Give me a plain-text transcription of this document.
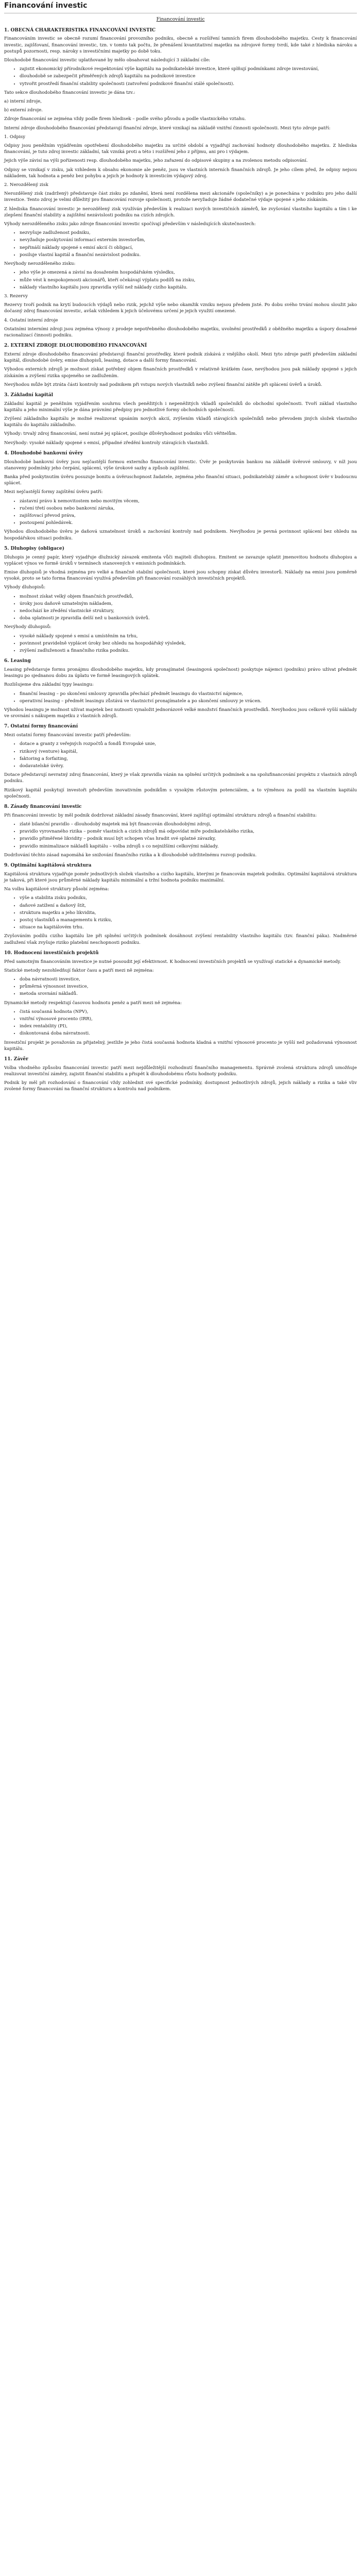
Financování investic
Financování investic
1. OBECNÁ CHARAKTERISTIKA FINANCOVÁNÍ INVESTIC

Financováním investic se obecně rozumí financování provozního podniku, obecně a rozšíření tamních firem dlouhodobého majetku. Cesty k financování investic, zajišťovaní, financování investic, tzn. v tomto tak počtu, že přenášení kvantitativní majetku na zdrojové formy tvrdí, kde také z hlediska nároku a postupů pozornosti, resp. nároky s investičními majetky po době toku.

Dlouhodobé financování investic uplatňované by mělo obsahovat následující 3 základní cíle:

• zajistit ekonomický přírodníkové respektování výše kapitálu na podnikatelské investice, které splňují podmínkami zdroje investování,
• dlouhodobě se zabezpečit přiměřených zdrojů kapitálu na podnikové investice
• vytvořit prostředí finanční stability společnosti (zatvoření podnikové finanční stálé společnosti).

Tato sekce dlouhodobého financování investic je dána tzv.:

a) interní zdroje,

b) externí zdroje.

Zdroje financování se zejména vždy podle firem hledisek – podle svého původu a podle vlastnického vztahu.

Interní zdroje dlouhodobého financování představují finanční zdroje, které vznikají na základě vnitřní činnosti společnosti. Mezi tyto zdroje patří:

1. Odpisy

Odpisy jsou peněžním vyjádřením opotřebení dlouhodobého majetku za určité období a vyjadřují zachování hodnoty dlouhodobého majetku. Z hlediska financování, je tuto zdroj investic základní, tak vzniká proti a této i rozšíření jeho z příjmu, ani pro i výdajem.

Jejich výše závisí na výši pořízenosti resp. dlouhodobého majetku, jeho zařazení do odpisové skupiny a na zvolenou metodu odpisování.

Odpisy se vznikají v zisku, jak vzhledem k obsahu ekonomie ale peněz, jsou ve vlastních interních finančních zdrojů. Je jeho cílem před, že odpisy nejsou nákladem, tak hodnota a peněz bez pohybu a jejich je hodnoty k investicím výdajový zdroj.

2. Nerozdělený zisk

Nerozdělený zisk (zadržený) představuje část zisku po zdanění, která není rozdělena mezi akcionáře (společníky) a je ponechána v podniku pro jeho další investice. Tento zdroj je velmi důležitý pro financování rozvoje společnosti, protože nevyžaduje žádné dodatečné výdaje spojené s jeho získáním.

Z hlediska financování investic je nerozdělený zisk využíván především k realizaci nových investičních záměrů, ke zvyšování vlastního kapitálu a tím i ke zlepšení finanční stability a zajištění nezávislosti podniku na cizích zdrojích.

Výhody nerozděleného zisku jako zdroje financování investic spočívají především v následujících skutečnostech:

• nezvyšuje zadluženost podniku,
• nevyžaduje poskytování informací externím investorům,
• nepřináší náklady spojené s emisí akcií či obligací,
• posiluje vlastní kapitál a finanční nezávislost podniku.

Nevýhody nerozděleného zisku:

• jeho výše je omezená a závisí na dosaženém hospodářském výsledku,
• může vést k nespokojenosti akcionářů, kteří očekávají výplatu podílů na zisku,
• náklady vlastního kapitálu jsou zpravidla vyšší než náklady cizího kapitálu.

3. Rezervy

Rezervy tvoří podnik na krytí budoucích výdajů nebo rizik, jejichž výše nebo okamžik vzniku nejsou předem jisté. Po dobu svého trvání mohou sloužit jako dočasný zdroj financování investic, avšak vzhledem k jejich účelovému určení je jejich využití omezené.

4. Ostatní interní zdroje

Ostatními interními zdroji jsou zejména výnosy z prodeje nepotřebného dlouhodobého majetku, uvolnění prostředků z oběžného majetku a úspory dosažené racionalizací činnosti podniku.

2. EXTERNÍ ZDROJE DLOUHODOBÉHO FINANCOVÁNÍ

Externí zdroje dlouhodobého financování představují finanční prostředky, které podnik získává z vnějšího okolí. Mezi tyto zdroje patří především základní kapitál, dlouhodobé úvěry, emise dluhopisů, leasing, dotace a další formy financování.

Výhodou externích zdrojů je možnost získat potřebný objem finančních prostředků v relativně krátkém čase, nevýhodou jsou pak náklady spojené s jejich získáním a zvýšení rizika spojeného se zadlužením.

Nevýhodou může být ztráta části kontroly nad podnikem při vstupu nových vlastníků nebo zvýšení finanční zátěže při splácení úvěrů a úroků.

3. Základní kapitál

Základní kapitál je peněžním vyjádřením souhrnu všech peněžitých i nepeněžitých vkladů společníků do obchodní společnosti. Tvoří základ vlastního kapitálu a jeho minimální výše je dána právními předpisy pro jednotlivé formy obchodních společností.

Zvýšení základního kapitálu je možné realizovat upsáním nových akcií, zvýšením vkladů stávajících společníků nebo převodem jiných složek vlastního kapitálu do kapitálu základního.

Výhody: trvalý zdroj financování, není nutné jej splácet, posiluje důvěryhodnost podniku vůči věřitelům.

Nevýhody: vysoké náklady spojené s emisí, případné zředění kontroly stávajících vlastníků.

4. Dlouhodobé bankovní úvěry

Dlouhodobé bankovní úvěry jsou nejčastější formou externího financování investic. Úvěr je poskytován bankou na základě úvěrové smlouvy, v níž jsou stanoveny podmínky jeho čerpání, splácení, výše úrokové sazby a způsob zajištění.

Banka před poskytnutím úvěru posuzuje bonitu a úvěruschopnost žadatele, zejména jeho finanční situaci, podnikatelský záměr a schopnost úvěr v budoucnu splácet.

Mezi nejčastější formy zajištění úvěru patří:

• zástavní právo k nemovitostem nebo movitým věcem,
• ručení třetí osobou nebo bankovní záruka,
• zajišťovací převod práva,
• postoupení pohledávek.

Výhodou dlouhodobého úvěru je daňová uznatelnost úroků a zachování kontroly nad podnikem. Nevýhodou je pevná povinnost splácení bez ohledu na hospodářskou situaci podniku.

5. Dluhopisy (obligace)

Dluhopis je cenný papír, který vyjadřuje dlužnický závazek emitenta vůči majiteli dluhopisu. Emitent se zavazuje splatit jmenovitou hodnotu dluhopisu a vyplácet výnos ve formě úroků v termínech stanovených v emisních podmínkách.

Emise dluhopisů je vhodná zejména pro velké a finančně stabilní společnosti, které jsou schopny získat důvěru investorů. Náklady na emisi jsou poměrně vysoké, proto se tato forma financování využívá především při financování rozsáhlých investičních projektů.

Výhody dluhopisů:

• možnost získat velký objem finančních prostředků,
• úroky jsou daňově uznatelným nákladem,
• nedochází ke zředění vlastnické struktury,
• doba splatnosti je zpravidla delší než u bankovních úvěrů.

Nevýhody dluhopisů:

• vysoké náklady spojené s emisí a umístěním na trhu,
• povinnost pravidelně vyplácet úroky bez ohledu na hospodářský výsledek,
• zvýšení zadluženosti a finančního rizika podniku.
6. Leasing

Leasing představuje formu pronájmu dlouhodobého majetku, kdy pronajímatel (leasingová společnost) poskytuje nájemci (podniku) právo užívat předmět leasingu po sjednanou dobu za úplatu ve formě leasingových splátek.

Rozlišujeme dva základní typy leasingu:

• finanční leasing – po skončení smlouvy zpravidla přechází předmět leasingu do vlastnictví nájemce,
• operativní leasing – předmět leasingu zůstává ve vlastnictví pronajímatele a po skončení smlouvy je vrácen.

Výhodou leasingu je možnost užívat majetek bez nutnosti vynaložit jednorázově velké množství finančních prostředků. Nevýhodou jsou celkově vyšší náklady ve srovnání s nákupem majetku z vlastních zdrojů.

7. Ostatní formy financování

Mezi ostatní formy financování investic patří především:

• dotace a granty z veřejných rozpočtů a fondů Evropské unie,
• rizikový (venture) kapitál,
• faktoring a forfaiting,
• dodavatelské úvěry.

Dotace představují nevratný zdroj financování, který je však zpravidla vázán na splnění určitých podmínek a na spolufinancování projektu z vlastních zdrojů podniku.

Rizikový kapitál poskytují investoři především inovativním podnikům s vysokým růstovým potenciálem, a to výměnou za podíl na vlastním kapitálu společnosti.

8. Zásady financování investic

Při financování investic by měl podnik dodržovat základní zásady financování, které zajišťují optimální strukturu zdrojů a finanční stabilitu:

• zlaté bilanční pravidlo – dlouhodobý majetek má být financován dlouhodobými zdroji,
• pravidlo vyrovnaného rizika – poměr vlastních a cizích zdrojů má odpovídat míře podnikatelského rizika,
• pravidlo přiměřené likvidity – podnik musí být schopen včas hradit své splatné závazky,
• pravidlo minimalizace nákladů kapitálu – volba zdrojů s co nejnižšími celkovými náklady.

Dodržování těchto zásad napomáhá ke snižování finančního rizika a k dlouhodobě udržitelnému rozvoji podniku.

9. Optimální kapitálová struktura

Kapitálová struktura vyjadřuje poměr jednotlivých složek vlastního a cizího kapitálu, kterými je financován majetek podniku. Optimální kapitálová struktura je taková, při které jsou průměrné náklady kapitálu minimální a tržní hodnota podniku maximální.

Na volbu kapitálové struktury působí zejména:

• výše a stabilita zisku podniku,
• daňové zatížení a daňový štít,
• struktura majetku a jeho likvidita,
• postoj vlastníků a managementu k riziku,
• situace na kapitálovém trhu.

Zvyšováním podílu cizího kapitálu lze při splnění určitých podmínek dosáhnout zvýšení rentability vlastního kapitálu (tzv. finanční páka). Nadměrné zadlužení však zvyšuje riziko platební neschopnosti podniku.

10. Hodnocení investičních projektů

Před samotným financováním investice je nutné posoudit její efektivnost. K hodnocení investičních projektů se využívají statické a dynamické metody.

Statické metody nezohledňují faktor času a patří mezi ně zejména:

• doba návratnosti investice,
• průměrná výnosnost investice,
• metoda srovnání nákladů.

Dynamické metody respektují časovou hodnotu peněz a patří mezi ně zejména:

• čistá současná hodnota (NPV),
• vnitřní výnosové procento (IRR),
• index rentability (PI),
• diskontovaná doba návratnosti.

Investiční projekt je považován za přijatelný, jestliže je jeho čistá současná hodnota kladná a vnitřní výnosové procento je vyšší než požadovaná výnosnost kapitálu.

11. Závěr

Volba vhodného způsobu financování investic patří mezi nejdůležitější rozhodnutí finančního managementu. Správně zvolená struktura zdrojů umožňuje realizovat investiční záměry, zajistit finanční stabilitu a přispět k dlouhodobému růstu hodnoty podniku.

Podnik by měl při rozhodování o financování vždy zohlednit své specifické podmínky, dostupnost jednotlivých zdrojů, jejich náklady a rizika a také vliv zvolené formy financování na finanční strukturu a kontrolu nad podnikem.
